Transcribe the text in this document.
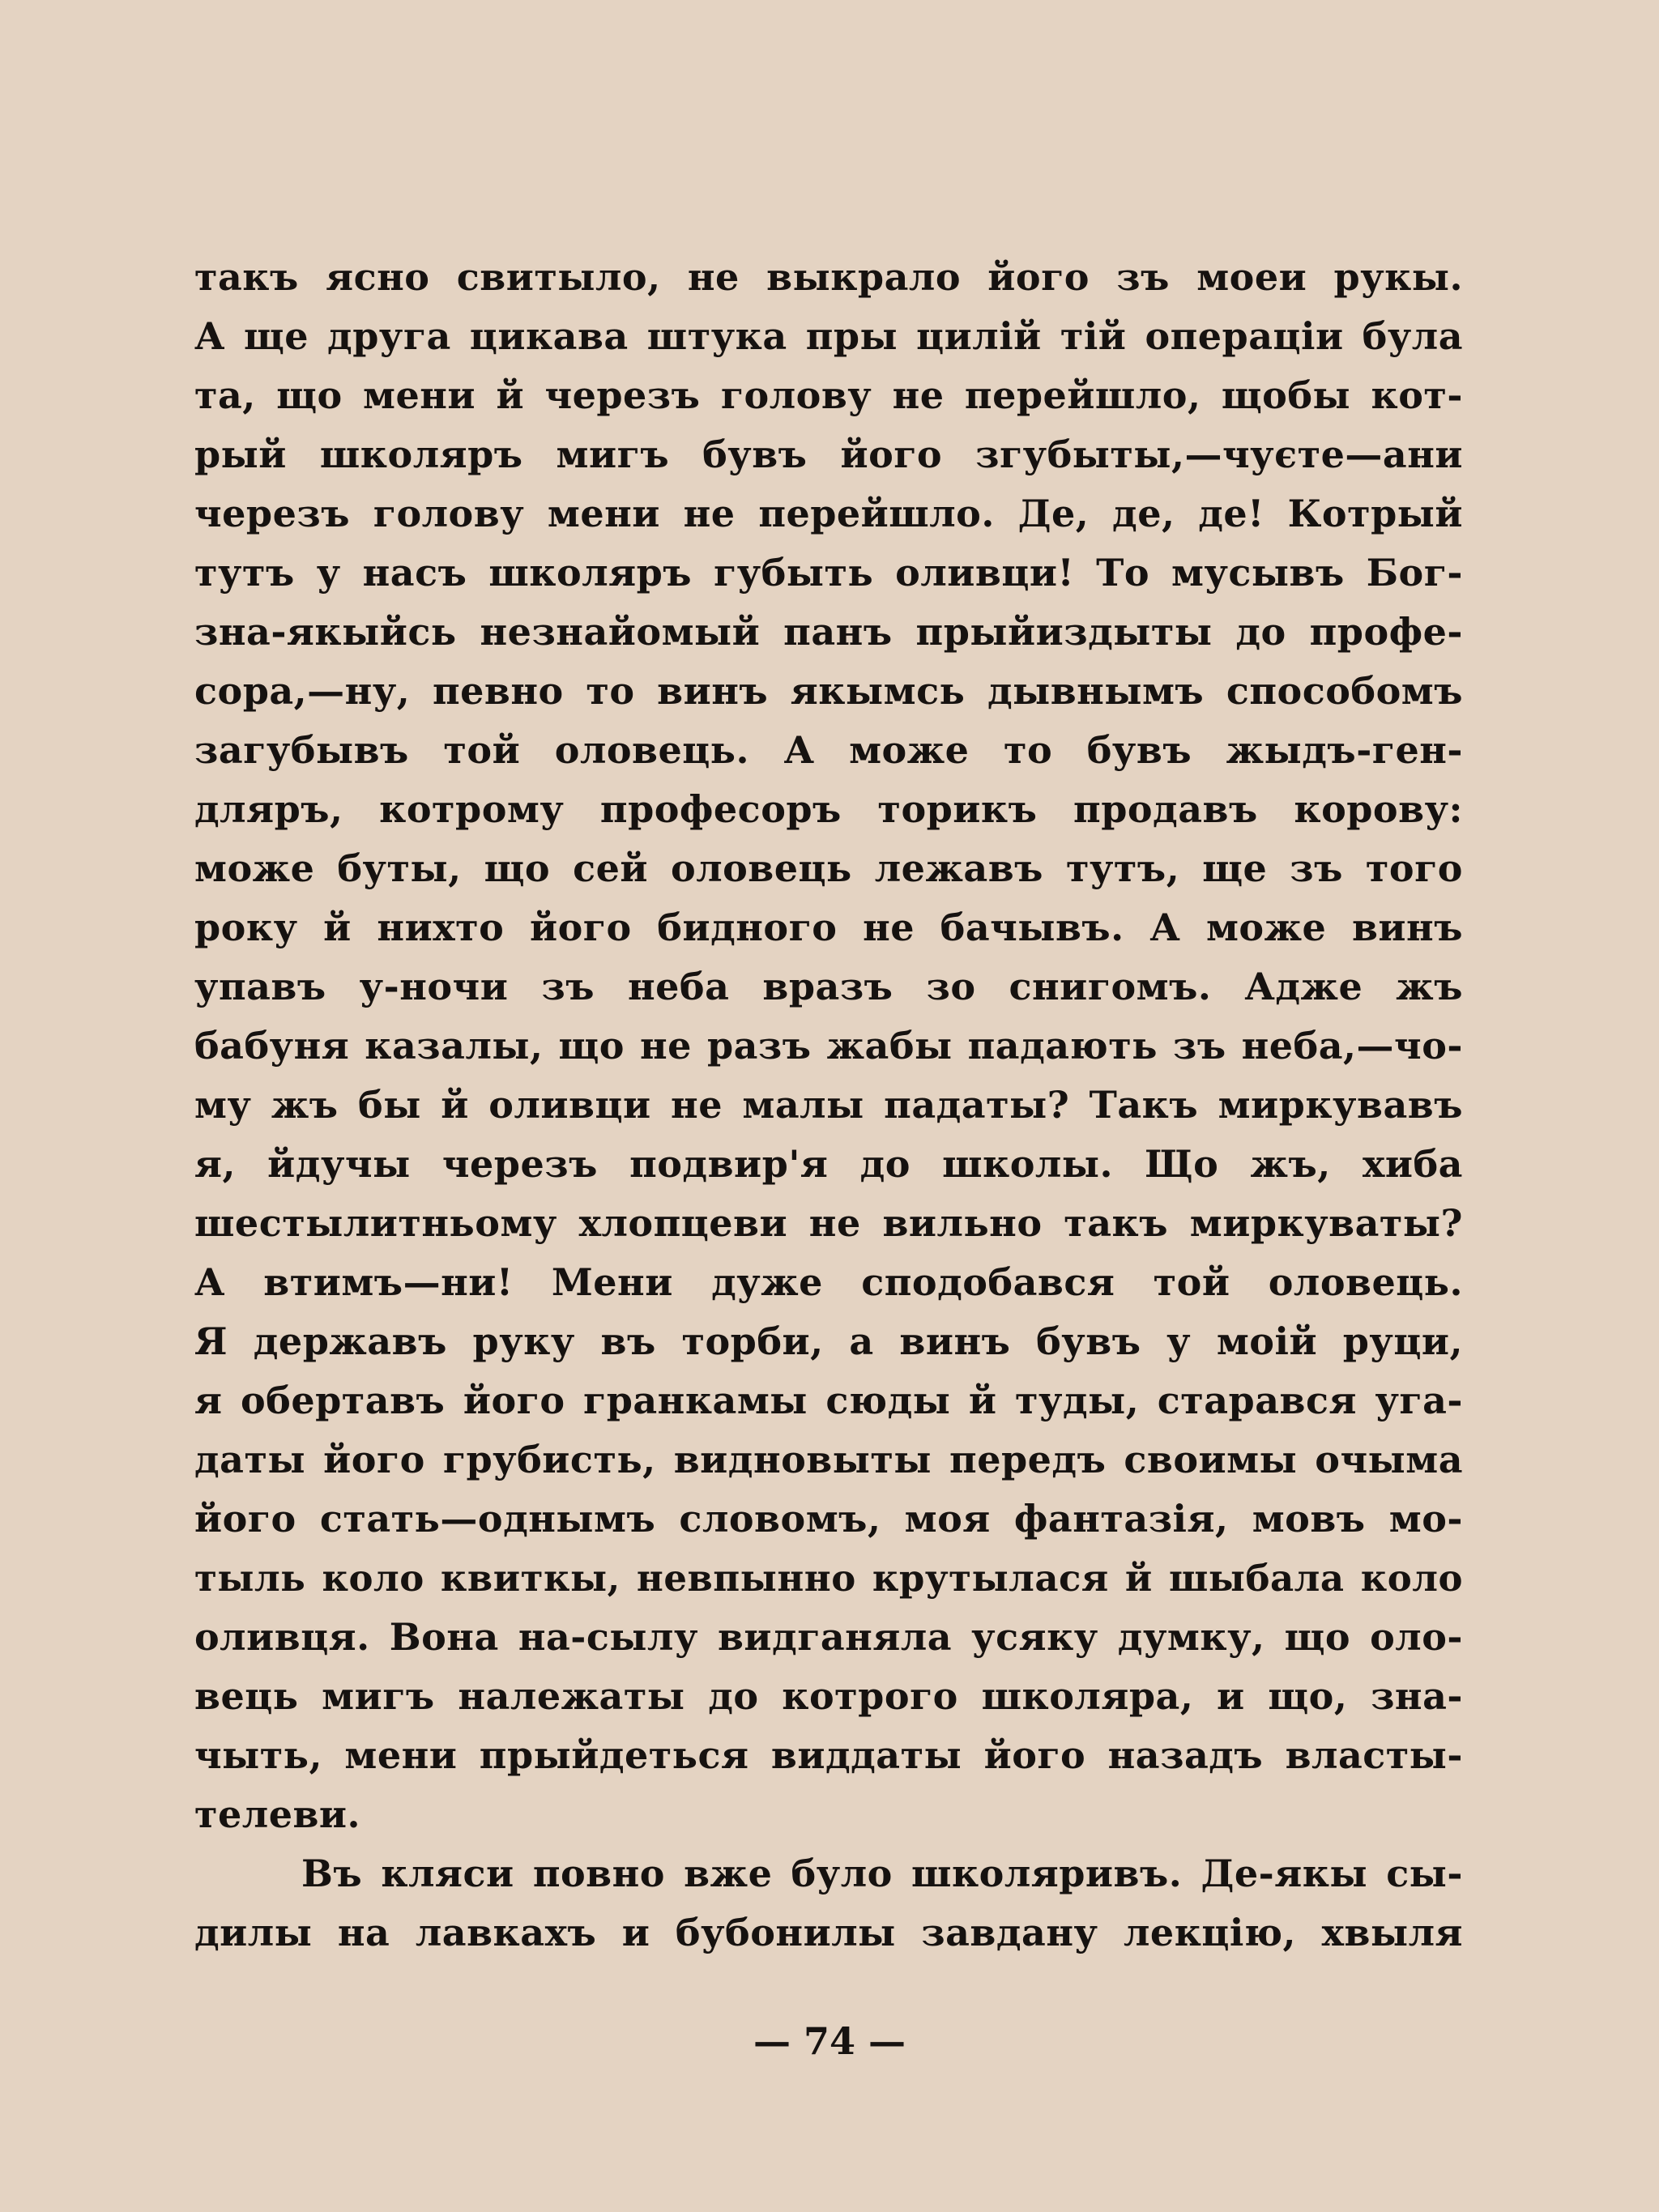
такъ ясно свитыло, не выкрало його зъ моеи рукы.
А ще друга цикава штука пры цилій тій операціи була
та, що мени й черезъ голову не перейшло, щобы кот-
рый школяръ мигъ бувъ його згубыты,—чуєте—ани
черезъ голову мени не перейшло. Де, де, де! Котрый
тутъ у насъ школяръ губыть оливци! То мусывъ Бог-
зна-якыйсь незнайомый панъ прыйиздыты до профе-
сора,—ну, певно то винъ якымсь дывнымъ способомъ
загубывъ той оловець. А може то бувъ жыдъ-ген-
дляръ, котрому професоръ торикъ продавъ корову:
може буты, що сей оловець лежавъ тутъ, ще зъ того
року й нихто його бидного не бачывъ. А може винъ
упавъ у-ночи зъ неба вразъ зо снигомъ. Адже жъ
бабуня казалы, що не разъ жабы падають зъ неба,—чо-
му жъ бы й оливци не малы падаты? Такъ миркувавъ
я, йдучы черезъ подвир'я до школы. Що жъ, хиба
шестылитньому хлопцеви не вильно такъ миркуваты?
А втимъ—ни! Мени дуже сподобався той оловець.
Я державъ руку въ торби, а винъ бувъ у моій руци,
я обертавъ його гранкамы сюды й туды, старався уга-
даты його грубисть, видновыты передъ своимы очыма
його стать—однымъ словомъ, моя фантазія, мовъ мо-
тыль коло квиткы, невпынно крутылася й шыбала коло
оливця. Вона на-сылу видганяла усяку думку, що оло-
вець мигъ належаты до котрого школяра, и що, зна-
чыть, мени прыйдеться виддаты його назадъ власты-
телеви.
Въ кляси повно вже було школяривъ. Де-якы сы-
дилы на лавкахъ и бубонилы завдану лекцію, хвыля
— 74 —
